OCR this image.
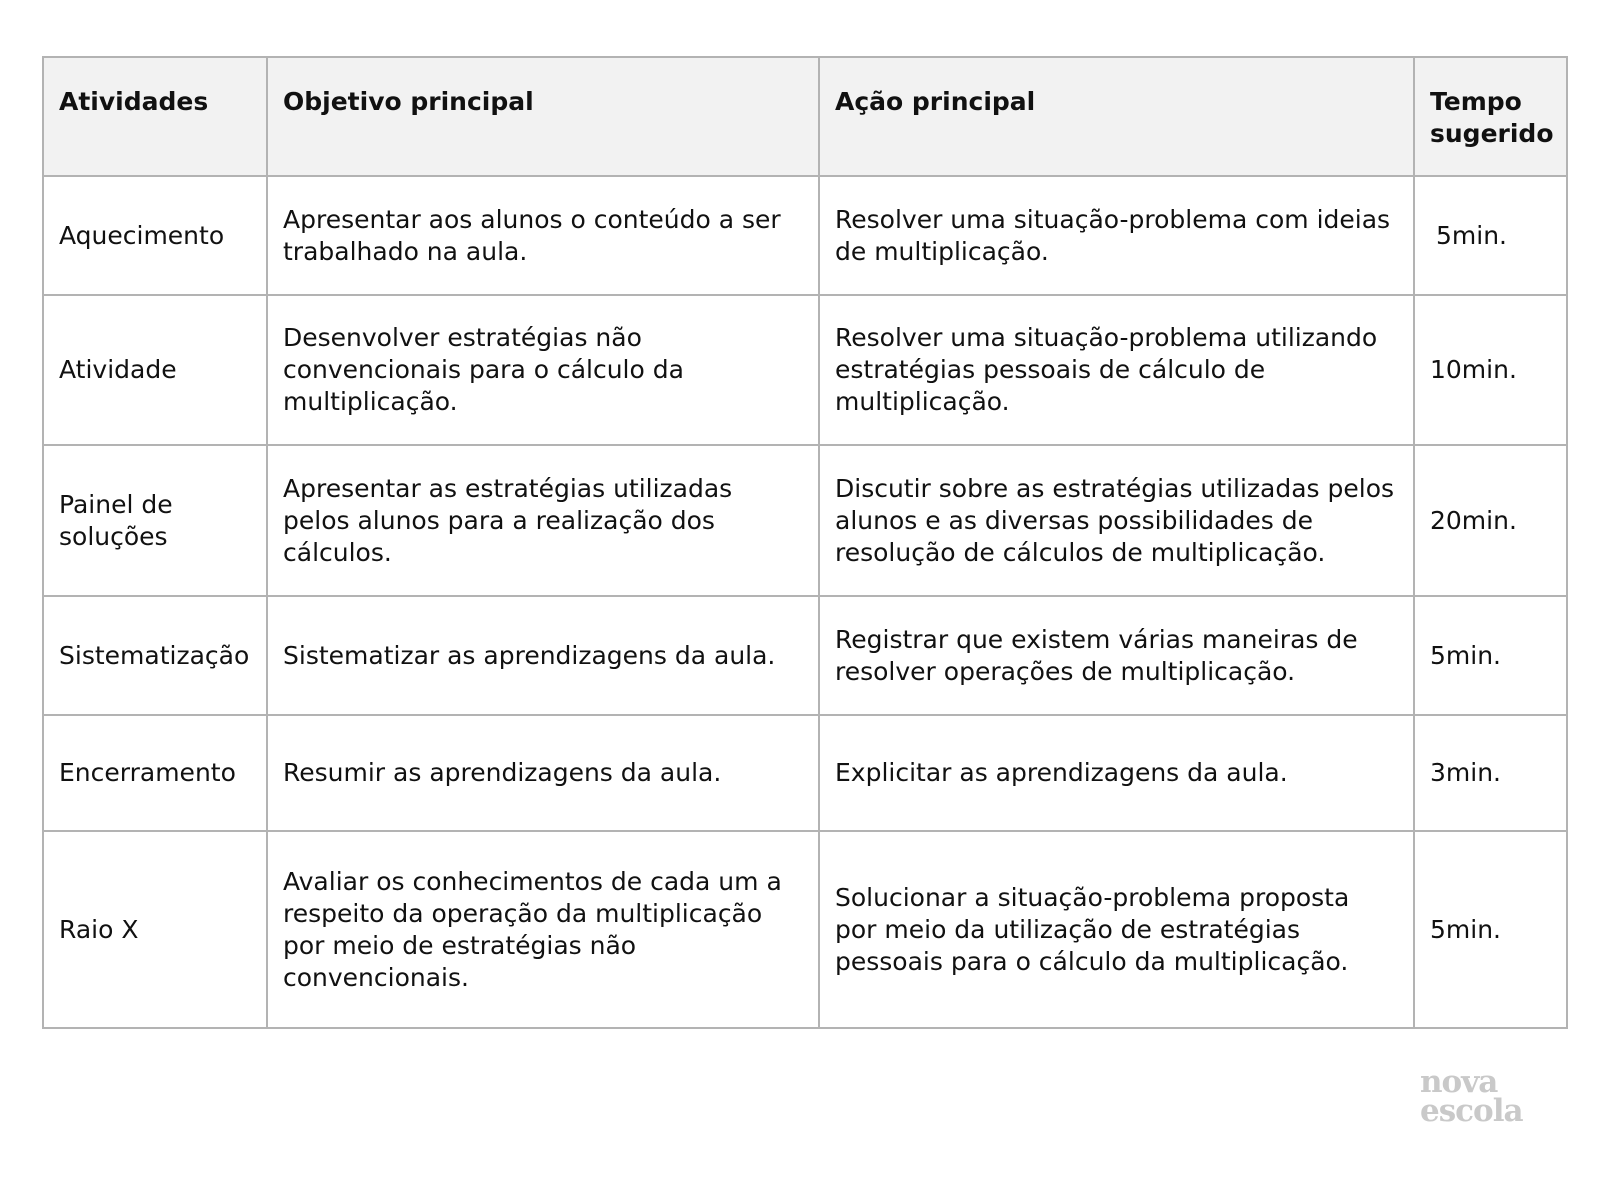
Atividades	Objetivo principal	Ação principal	Tempo sugerido
Aquecimento	Apresentar aos alunos o conteúdo a ser trabalhado na aula.	Resolver uma situação-problema com ideias de multiplicação.	5min.
Atividade	Desenvolver estratégias não convencionais para o cálculo da multiplicação.	Resolver uma situação-problema utilizando estratégias pessoais de cálculo de multiplicação.	10min.
Painel de soluções	Apresentar as estratégias utilizadas pelos alunos para a realização dos cálculos.	Discutir sobre as estratégias utilizadas pelos alunos e as diversas possibilidades de resolução de cálculos de multiplicação.	20min.
Sistematização	Sistematizar as aprendizagens da aula.	Registrar que existem várias maneiras de resolver operações de multiplicação.	5min.
Encerramento	Resumir as aprendizagens da aula.	Explicitar as aprendizagens da aula.	3min.
Raio X	Avaliar os conhecimentos de cada um a respeito da operação da multiplicação por meio de estratégias não convencionais.	Solucionar a situação-problema proposta por meio da utilização de estratégias pessoais para o cálculo da multiplicação.	5min.
nova
escola
